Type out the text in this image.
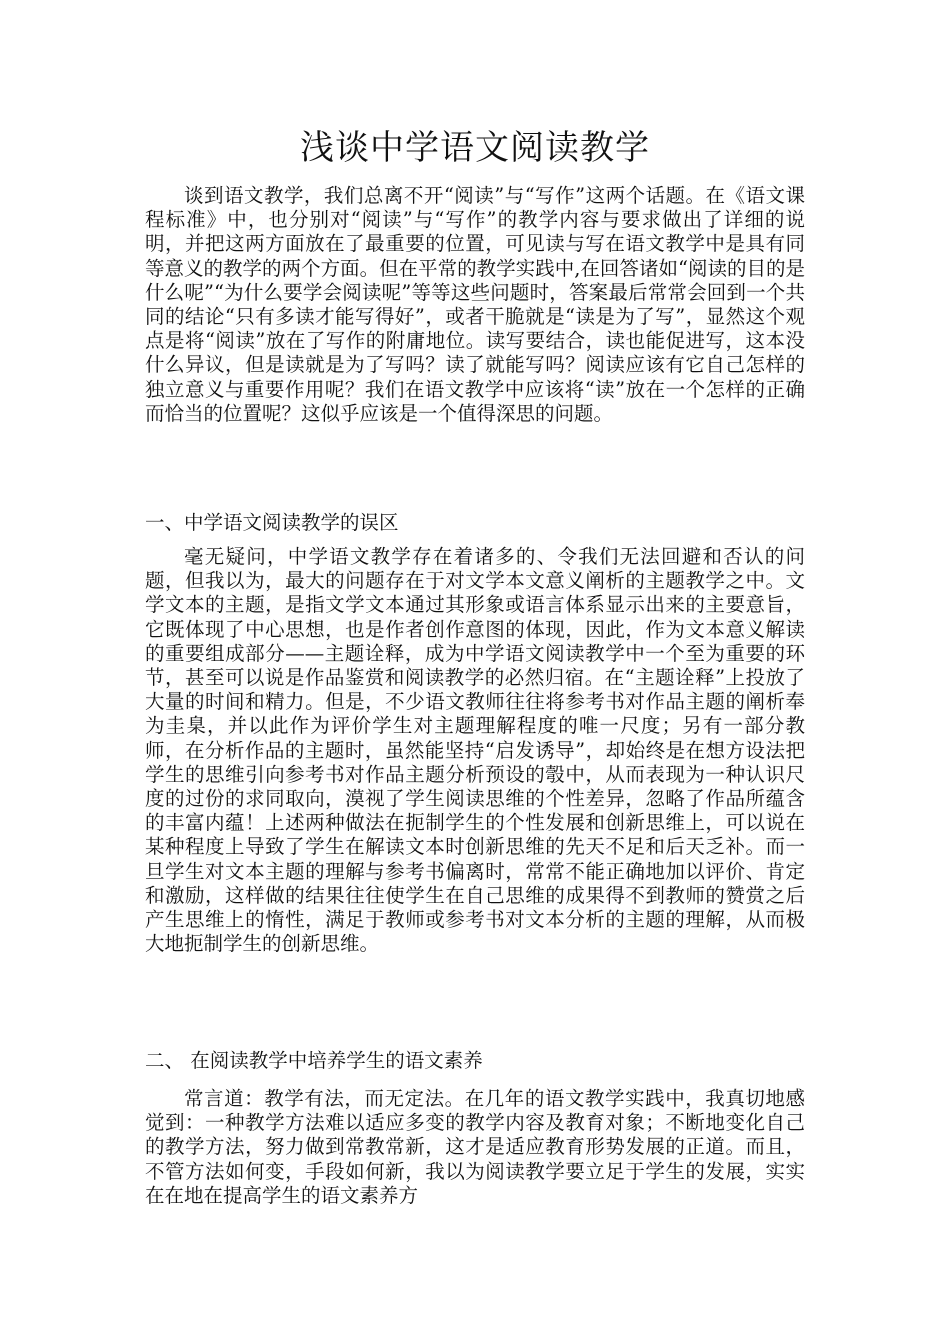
浅谈中学语文阅读教学

谈到语文教学，我们总离不开“阅读”与“写作”这两个话题。在《语文课程标准》中，也分别对“阅读”与“写作”的教学内容与要求做出了详细的说明，并把这两方面放在了最重要的位置，可见读与写在语文教学中是具有同等意义的教学的两个方面。但在平常的教学实践中,在回答诸如“阅读的目的是什么呢”“为什么要学会阅读呢”等等这些问题时，答案最后常常会回到一个共同的结论“只有多读才能写得好”，或者干脆就是“读是为了写”，显然这个观点是将“阅读”放在了写作的附庸地位。读写要结合，读也能促进写，这本没什么异议，但是读就是为了写吗？读了就能写吗？阅读应该有它自己怎样的独立意义与重要作用呢？我们在语文教学中应该将“读”放在一个怎样的正确而恰当的位置呢？这似乎应该是一个值得深思的问题。

一、中学语文阅读教学的误区

毫无疑问，中学语文教学存在着诸多的、令我们无法回避和否认的问题，但我以为，最大的问题存在于对文学本文意义阐析的主题教学之中。文学文本的主题，是指文学文本通过其形象或语言体系显示出来的主要意旨，它既体现了中心思想，也是作者创作意图的体现，因此，作为文本意义解读的重要组成部分——主题诠释，成为中学语文阅读教学中一个至为重要的环节，甚至可以说是作品鉴赏和阅读教学的必然归宿。在“主题诠释”上投放了大量的时间和精力。但是，不少语文教师往往将参考书对作品主题的阐析奉为圭臬，并以此作为评价学生对主题理解程度的唯一尺度；另有一部分教师，在分析作品的主题时，虽然能坚持“启发诱导”，却始终是在想方设法把学生的思维引向参考书对作品主题分析预设的彀中，从而表现为一种认识尺度的过份的求同取向，漠视了学生阅读思维的个性差异，忽略了作品所蕴含的丰富内蕴！上述两种做法在扼制学生的个性发展和创新思维上，可以说在某种程度上导致了学生在解读文本时创新思维的先天不足和后天乏补。而一旦学生对文本主题的理解与参考书偏离时，常常不能正确地加以评价、肯定和激励，这样做的结果往往使学生在自己思维的成果得不到教师的赞赏之后产生思维上的惰性，满足于教师或参考书对文本分析的主题的理解，从而极大地扼制学生的创新思维。

二、 在阅读教学中培养学生的语文素养

常言道：教学有法，而无定法。在几年的语文教学实践中，我真切地感觉到：一种教学方法难以适应多变的教学内容及教育对象；不断地变化自己的教学方法，努力做到常教常新，这才是适应教育形势发展的正道。而且，不管方法如何变，手段如何新，我以为阅读教学要立足于学生的发展，实实在在地在提高学生的语文素养方
